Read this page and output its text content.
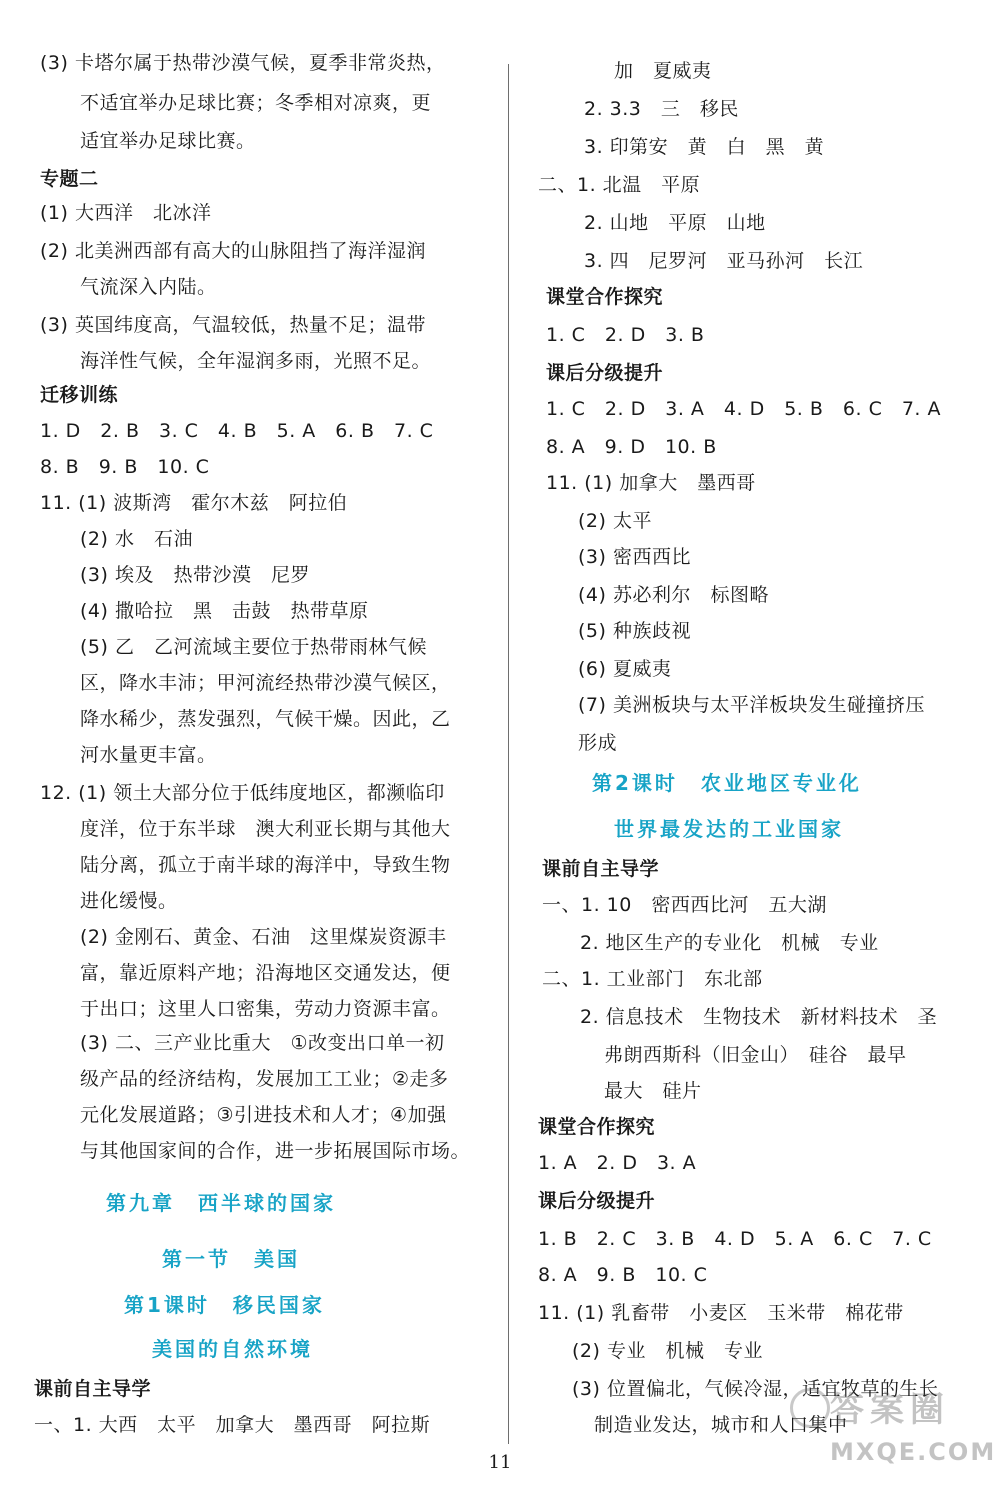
(3) 卡塔尔属于热带沙漠气候，夏季非常炎热，
不适宜举办足球比赛；冬季相对凉爽，更
适宜举办足球比赛。
专题二
(1) 大西洋　北冰洋
(2) 北美洲西部有高大的山脉阻挡了海洋湿润
气流深入内陆。
(3) 英国纬度高，气温较低，热量不足；温带
海洋性气候，全年湿润多雨，光照不足。
迁移训练
1. D　2. B　3. C　4. B　5. A　6. B　7. C
8. B　9. B　10. C
11. (1) 波斯湾　霍尔木兹　阿拉伯
(2) 水　石油
(3) 埃及　热带沙漠　尼罗
(4) 撒哈拉　黑　击鼓　热带草原
(5) 乙　乙河流域主要位于热带雨林气候
区，降水丰沛；甲河流经热带沙漠气候区，
降水稀少，蒸发强烈，气候干燥。因此，乙
河水量更丰富。
12. (1) 领土大部分位于低纬度地区，都濒临印
度洋，位于东半球　澳大利亚长期与其他大
陆分离，孤立于南半球的海洋中，导致生物
进化缓慢。
(2) 金刚石、黄金、石油　这里煤炭资源丰
富，靠近原料产地；沿海地区交通发达，便
于出口；这里人口密集，劳动力资源丰富。
(3) 二、三产业比重大　①改变出口单一初
级产品的经济结构，发展加工工业；②走多
元化发展道路；③引进技术和人才；④加强
与其他国家间的合作，进一步拓展国际市场。
第九章　西半球的国家
第一节　美国
第1课时　移民国家
美国的自然环境
课前自主导学
一、1. 大西　太平　加拿大　墨西哥　阿拉斯
加　夏威夷
2. 3.3　三　移民
3. 印第安　黄　白　黑　黄
二、1. 北温　平原
2. 山地　平原　山地
3. 四　尼罗河　亚马孙河　长江
课堂合作探究
1. C　2. D　3. B
课后分级提升
1. C　2. D　3. A　4. D　5. B　6. C　7. A
8. A　9. D　10. B
11. (1) 加拿大　墨西哥
(2) 太平
(3) 密西西比
(4) 苏必利尔　标图略
(5) 种族歧视
(6) 夏威夷
(7) 美洲板块与太平洋板块发生碰撞挤压
形成
第2课时　农业地区专业化
世界最发达的工业国家
课前自主导学
一、1. 10　密西西比河　五大湖
2. 地区生产的专业化　机械　专业
二、1. 工业部门　东北部
2. 信息技术　生物技术　新材料技术　圣
弗朗西斯科（旧金山）　硅谷　最早
最大　硅片
课堂合作探究
1. A　2. D　3. A
课后分级提升
1. B　2. C　3. B　4. D　5. A　6. C　7. C
8. A　9. B　10. C
11. (1) 乳畜带　小麦区　玉米带　棉花带
(2) 专业　机械　专业
(3) 位置偏北，气候冷湿，适宜牧草的生长
制造业发达，城市和人口集中
11
答案圈
MXQE.COM
